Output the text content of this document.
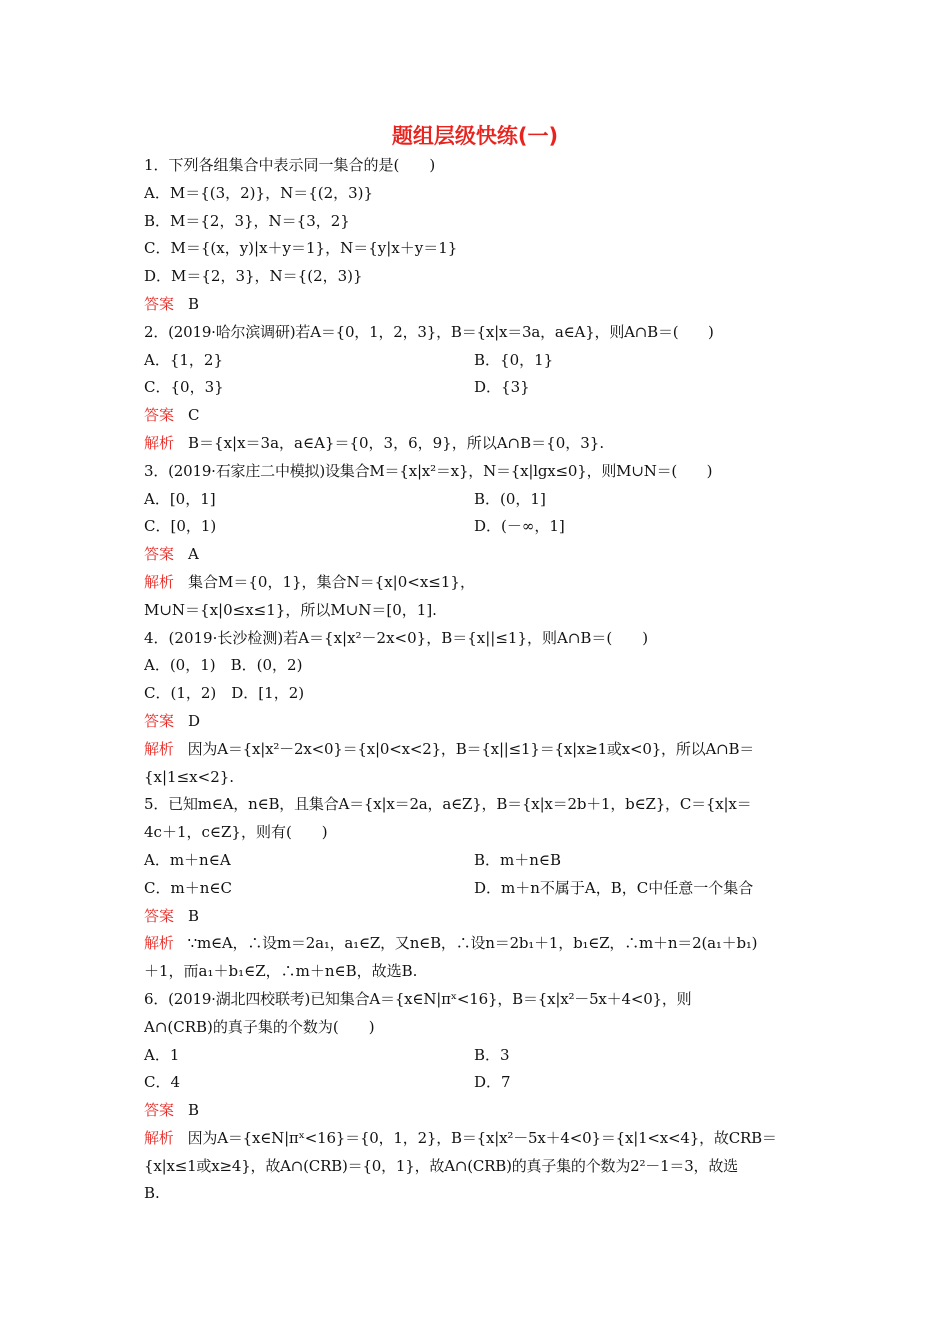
题组层级快练(一)
1．下列各组集合中表示同一集合的是(　　)
A．M＝{(3，2)}，N＝{(2，3)}
B．M＝{2，3}，N＝{3，2}
C．M＝{(x，y)|x＋y＝1}，N＝{y|x＋y＝1}
D．M＝{2，3}，N＝{(2，3)}
答案 B
2．(2019·哈尔滨调研)若A＝{0，1，2，3}，B＝{x|x＝3a，a∈A}，则A∩B＝(　　)
A．{1，2}	B．{0，1}
C．{0，3}	D．{3}
答案 C
解析 B＝{x|x＝3a，a∈A}＝{0，3，6，9}，所以A∩B＝{0，3}.
3．(2019·石家庄二中模拟)设集合M＝{x|x²＝x}，N＝{x|lgx≤0}，则M∪N＝(　　)
A．[0，1]	B．(0，1]
C．[0，1)	D．(－∞，1]
答案 A
解析 集合M＝{0，1}，集合N＝{x|0<x≤1}，
M∪N＝{x|0≤x≤1}，所以M∪N＝[0，1].
4．(2019·长沙检测)若A＝{x|x²－2x<0}，B＝{x||≤1}，则A∩B＝(　　)
A．(0，1)　B．(0，2)
C．(1，2)　D．[1，2)
答案 D
解析 因为A＝{x|x²－2x<0}＝{x|0<x<2}，B＝{x||≤1}＝{x|x≥1或x<0}，所以A∩B＝
{x|1≤x<2}.
5．已知m∈A，n∈B，且集合A＝{x|x＝2a，a∈Z}，B＝{x|x＝2b＋1，b∈Z}，C＝{x|x＝
4c＋1，c∈Z}，则有(　　)
A．m＋n∈A	B．m＋n∈B
C．m＋n∈C	D．m＋n不属于A，B，C中任意一个集合
答案 B
解析 ∵m∈A，∴设m＝2a₁，a₁∈Z，又n∈B，∴设n＝2b₁＋1，b₁∈Z，∴m＋n＝2(a₁＋b₁)
＋1，而a₁＋b₁∈Z，∴m＋n∈B，故选B.
6．(2019·湖北四校联考)已知集合A＝{x∈N|πˣ<16}，B＝{x|x²－5x＋4<0}，则
A∩(CRB)的真子集的个数为(　　)
A．1	B．3
C．4	D．7
答案 B
解析 因为A＝{x∈N|πˣ<16}＝{0，1，2}，B＝{x|x²－5x＋4<0}＝{x|1<x<4}，故CRB＝
{x|x≤1或x≥4}，故A∩(CRB)＝{0，1}，故A∩(CRB)的真子集的个数为2²－1＝3，故选
B.
